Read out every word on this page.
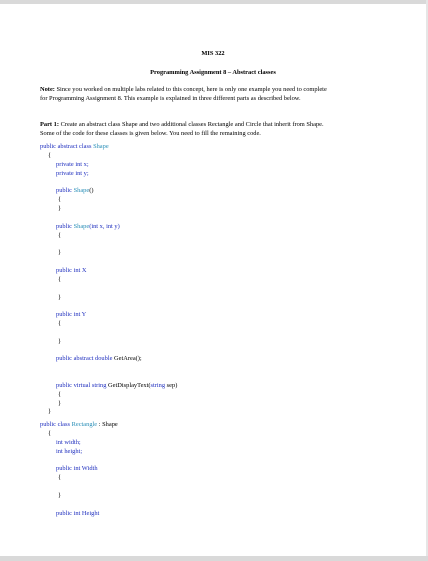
MIS 322
Programming Assignment 8 – Abstract classes
Note: Since you worked on multiple labs related to this concept, here is only one example you need to complete
for Programming Assignment 8. This example is explained in three different parts as described below.
Part 1: Create an abstract class Shape and two additional classes Rectangle and Circle that inherit from Shape.
Some of the code for these classes is given below. You need to fill the remaining code.
public abstract class Shape
{
private int x;
private int y;
public Shape()
{
}
public Shape(int x, int y)
{
}
public int X
{
}
public int Y
{
}
public abstract double GetArea();
public virtual string GetDisplayText(string sep)
{
}
}
public class Rectangle : Shape
{
int width;
int height;
public int Width
{
}
public int Height
